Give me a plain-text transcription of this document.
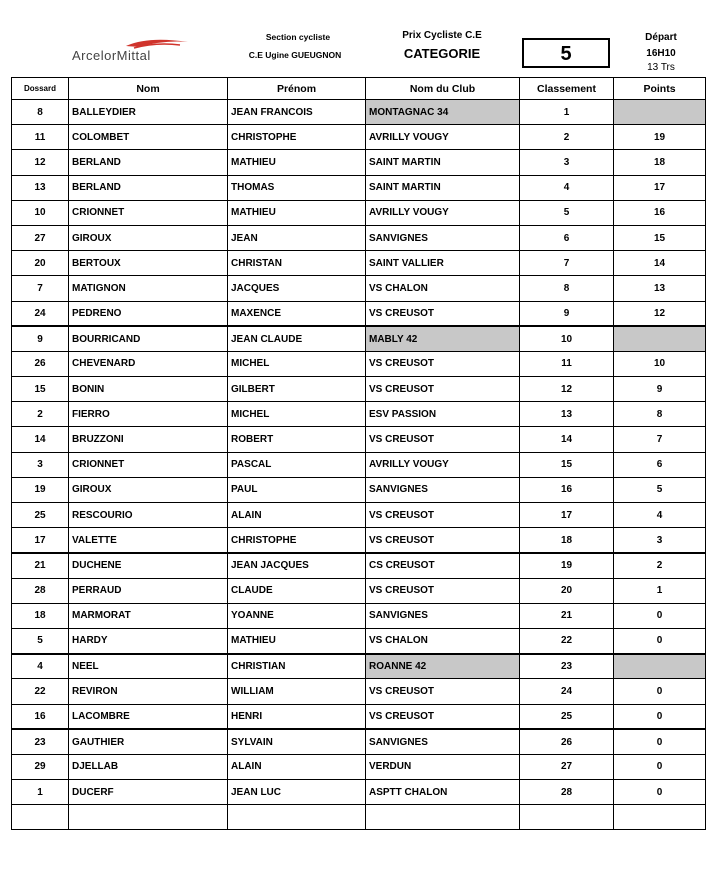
ArcelorMittal
Section cycliste
C.E Ugine GUEUGNON
Prix Cycliste C.E
CATEGORIE	5
Départ
16H10
13 Trs
Dossard	Nom	Prénom	Nom du Club	Classement	Points
8	BALLEYDIER	JEAN FRANCOIS	MONTAGNAC 34	1	
11	COLOMBET	CHRISTOPHE	AVRILLY VOUGY	2	19
12	BERLAND	MATHIEU	SAINT MARTIN	3	18
13	BERLAND	THOMAS	SAINT MARTIN	4	17
10	CRIONNET	MATHIEU	AVRILLY VOUGY	5	16
27	GIROUX	JEAN	SANVIGNES	6	15
20	BERTOUX	CHRISTAN	SAINT VALLIER	7	14
7	MATIGNON	JACQUES	VS CHALON	8	13
24	PEDRENO	MAXENCE	VS CREUSOT	9	12
9	BOURRICAND	JEAN CLAUDE	MABLY 42	10	
26	CHEVENARD	MICHEL	VS CREUSOT	11	10
15	BONIN	GILBERT	VS CREUSOT	12	9
2	FIERRO	MICHEL	ESV PASSION	13	8
14	BRUZZONI	ROBERT	VS CREUSOT	14	7
3	CRIONNET	PASCAL	AVRILLY VOUGY	15	6
19	GIROUX	PAUL	SANVIGNES	16	5
25	RESCOURIO	ALAIN	VS CREUSOT	17	4
17	VALETTE	CHRISTOPHE	VS CREUSOT	18	3
21	DUCHENE	JEAN JACQUES	CS CREUSOT	19	2
28	PERRAUD	CLAUDE	VS CREUSOT	20	1
18	MARMORAT	YOANNE	SANVIGNES	21	0
5	HARDY	MATHIEU	VS CHALON	22	0
4	NEEL	CHRISTIAN	ROANNE 42	23	
22	REVIRON	WILLIAM	VS CREUSOT	24	0
16	LACOMBRE	HENRI	VS CREUSOT	25	0
23	GAUTHIER	SYLVAIN	SANVIGNES	26	0
29	DJELLAB	ALAIN	VERDUN	27	0
1	DUCERF	JEAN LUC	ASPTT CHALON	28	0
